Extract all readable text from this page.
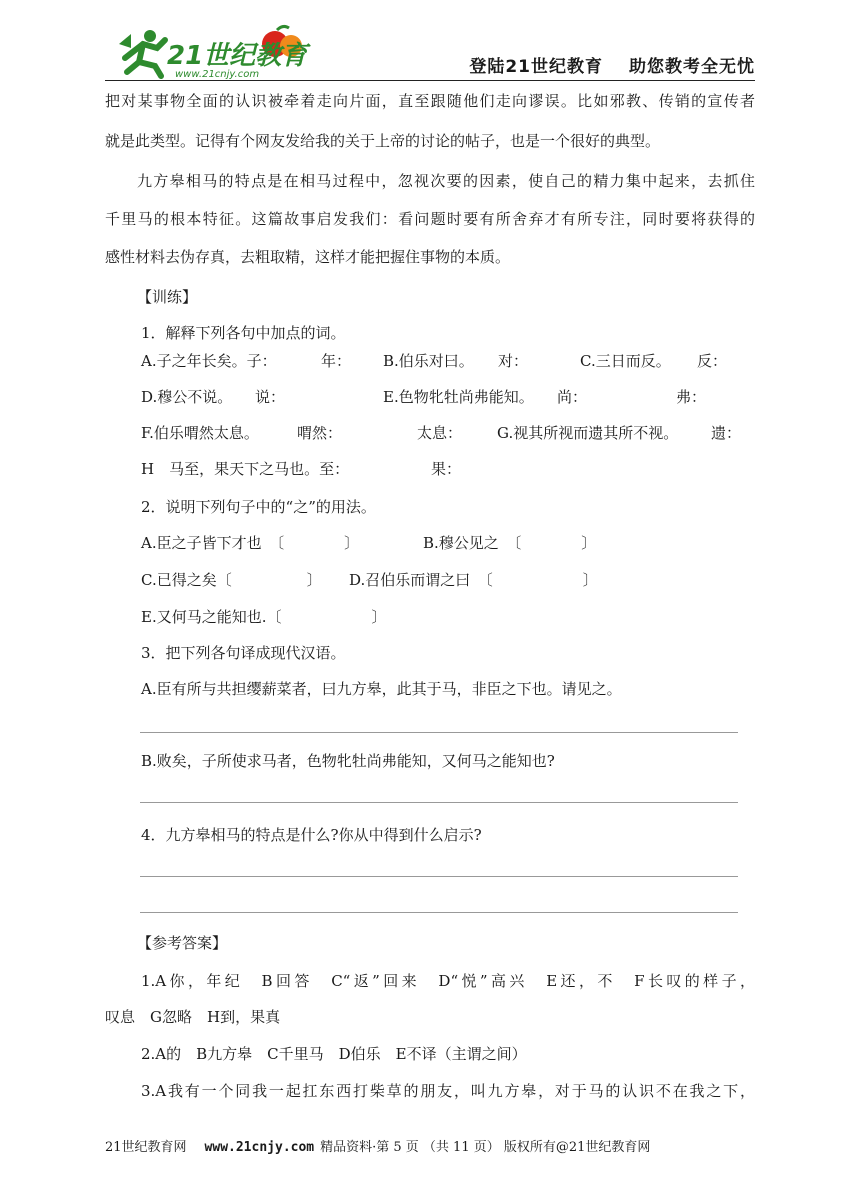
21世纪教育
www.21cnjy.com	登陆21世纪教育 助您教考全无忧
把对某事物全面的认识被牵着走向片面，直至跟随他们走向谬误。比如邪教、传销的宣传者
就是此类型。记得有个网友发给我的关于上帝的讨论的帖子，也是一个很好的典型。
九方皋相马的特点是在相马过程中，忽视次要的因素，使自己的精力集中起来，去抓住
千里马的根本特征。这篇故事启发我们：看问题时要有所舍弃才有所专注，同时要将获得的
感性材料去伪存真，去粗取精，这样才能把握住事物的本质。
【训练】
1．解释下列各句中加点的词。
A.子之年长矣。子：	年： B.伯乐对曰。 对：	C.三日而反。 反：
D.穆公不说。 说：	E.色物牝牡尚弗能知。 尚：	弗：
F.伯乐喟然太息。	喟然：	太息： G.视其所视而遗其所不视。 遗：
H　马至，果天下之马也。至：	果：
2．说明下列句子中的“之”的用法。
A.臣之子皆下才也　〔　　　　〕	B.穆公见之　〔　　　　〕
C.已得之矣〔　　　　　〕 D.召伯乐而谓之曰　〔　　　　　　〕
E.又何马之能知也.〔　　　　　　〕
3．把下列各句译成现代汉语。
A.臣有所与共担缨薪菜者，曰九方皋，此其于马，非臣之下也。请见之。
B.败矣，子所使求马者，色物牝牡尚弗能知，又何马之能知也?
4．九方皋相马的特点是什么?你从中得到什么启示?
【参考答案】
1.A你，年纪　B回答　C“返”回来　D“悦”高兴　E还，不　F长叹的样子，
叹息　G忽略　H到，果真
2.A的　B九方皋　C千里马　D伯乐　E不译（主谓之间）
3.A我有一个同我一起扛东西打柴草的朋友，叫九方皋，对于马的认识不在我之下，
21世纪教育网 www.21cnjy.com 精品资料·第 5 页 （共 11 页） 版权所有@21世纪教育网
